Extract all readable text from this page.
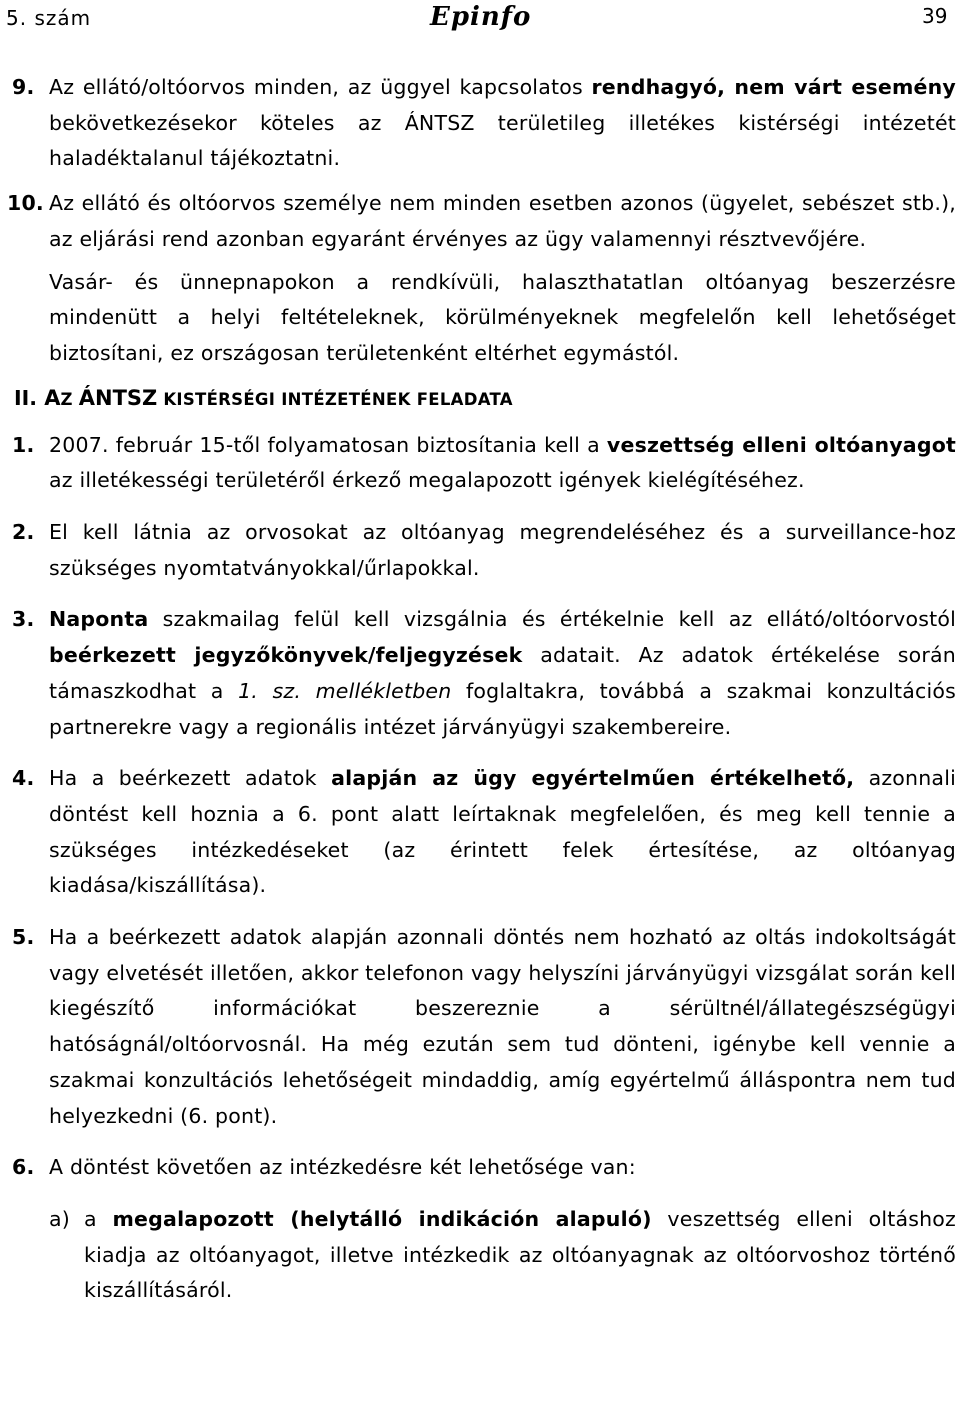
5. szám	Epinfo	39
9. Az ellátó/oltóorvos minden, az üggyel kapcsolatos rendhagyó, nem várt esemény bekövetkezésekor köteles az ÁNTSZ területileg illetékes kistérségi intézetét haladéktalanul tájékoztatni.

10. Az ellátó és oltóorvos személye nem minden esetben azonos (ügyelet, sebészet stb.), az eljárási rend azonban egyaránt érvényes az ügy valamennyi résztvevőjére.

Vasár- és ünnepnapokon a rendkívüli, halaszthatatlan oltóanyag beszerzésre mindenütt a helyi feltételeknek, körülményeknek megfelelőn kell lehetőséget biztosítani, ez országosan területenként eltérhet egymástól.

II. AZ ÁNTSZ KISTÉRSÉGI INTÉZETÉNEK FELADATA
1. 2007. február 15-től folyamatosan biztosítania kell a veszettség elleni oltóanyagot az illetékességi területéről érkező megalapozott igények kielégítéséhez.

2. El kell látnia az orvosokat az oltóanyag megrendeléséhez és a surveillance-hoz szükséges nyomtatványokkal/űrlapokkal.

3. Naponta szakmailag felül kell vizsgálnia és értékelnie kell az ellátó/oltóorvostól beérkezett jegyzőkönyvek/feljegyzések adatait. Az adatok értékelése során támaszkodhat a 1. sz. mellékletben foglaltakra, továbbá a szakmai konzultációs partnerekre vagy a regionális intézet járványügyi szakembereire.

4. Ha a beérkezett adatok alapján az ügy egyértelműen értékelhető, azonnali döntést kell hoznia a 6. pont alatt leírtaknak megfelelően, és meg kell tennie a szükséges intézkedéseket (az érintett felek értesítése, az oltóanyag kiadása/kiszállítása).

5. Ha a beérkezett adatok alapján azonnali döntés nem hozható az oltás indokoltságát vagy elvetését illetően, akkor telefonon vagy helyszíni járványügyi vizsgálat során kell kiegészítő információkat beszereznie a sérültnél/állategészségügyi hatóságnál/oltóorvosnál. Ha még ezután sem tud dönteni, igénybe kell vennie a szakmai konzultációs lehetőségeit mindaddig, amíg egyértelmű álláspontra nem tud helyezkedni (6. pont).

6. A döntést követően az intézkedésre két lehetősége van:

a) a megalapozott (helytálló indikáción alapuló) veszettség elleni oltáshoz kiadja az oltóanyagot, illetve intézkedik az oltóanyagnak az oltóorvoshoz történő kiszállításáról.
